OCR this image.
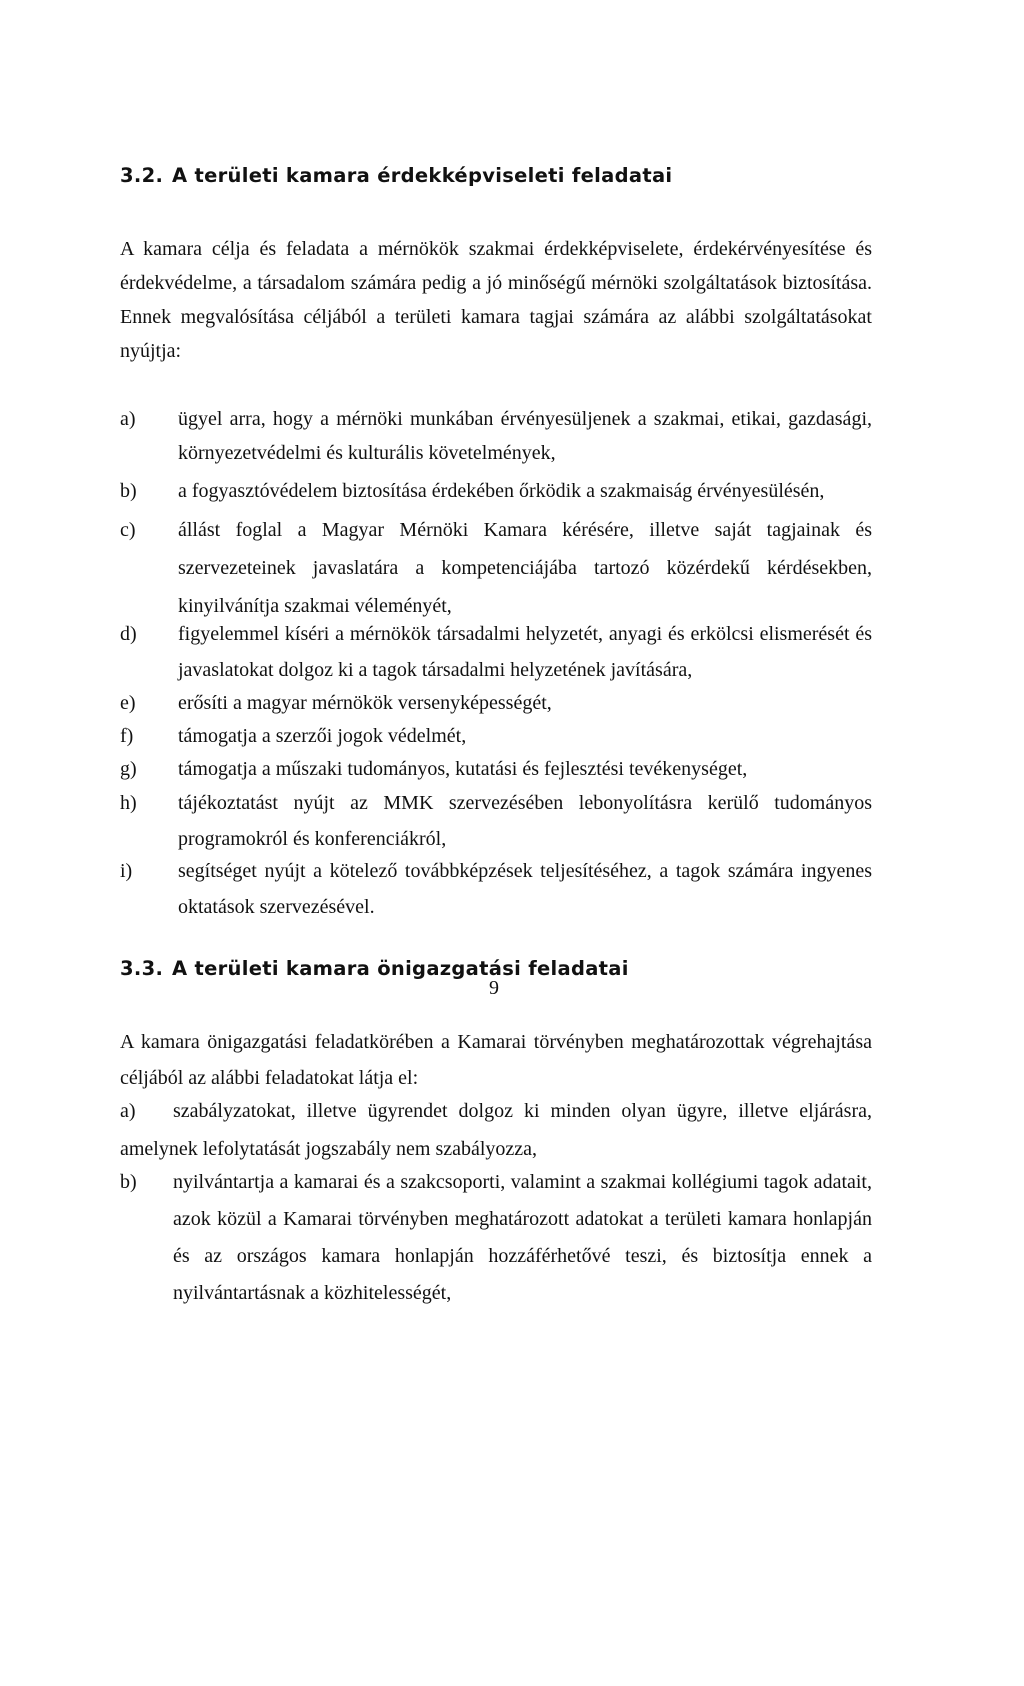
3.2. A területi kamara érdekképviseleti feladatai

A kamara célja és feladata a mérnökök szakmai érdekképviselete, érdekérvényesítése és érdekvédelme, a társadalom számára pedig a jó minőségű mérnöki szolgáltatások biztosítása. Ennek megvalósítása céljából a területi kamara tagjai számára az alábbi szolgáltatásokat nyújtja:

a) ügyel arra, hogy a mérnöki munkában érvényesüljenek a szakmai, etikai, gazdasági, környezetvédelmi és kulturális követelmények,
b) a fogyasztóvédelem biztosítása érdekében őrködik a szakmaiság érvényesülésén,
c) állást foglal a Magyar Mérnöki Kamara kérésére, illetve saját tagjainak és szervezeteinek javaslatára a kompetenciájába tartozó közérdekű kérdésekben, kinyilvánítja szakmai véleményét,
d) figyelemmel kíséri a mérnökök társadalmi helyzetét, anyagi és erkölcsi elismerését és javaslatokat dolgoz ki a tagok társadalmi helyzetének javítására,
e) erősíti a magyar mérnökök versenyképességét,
f) támogatja a szerzői jogok védelmét,
g) támogatja a műszaki tudományos, kutatási és fejlesztési tevékenységet,
h) tájékoztatást nyújt az MMK szervezésében lebonyolításra kerülő tudományos programokról és konferenciákról,
i) segítséget nyújt a kötelező továbbképzések teljesítéséhez, a tagok számára ingyenes oktatások szervezésével.
3.3. A területi kamara önigazgatási feladatai

A kamara önigazgatási feladatkörében a Kamarai törvényben meghatározottak végrehajtása céljából az alábbi feladatokat látja el:

a) szabályzatokat, illetve ügyrendet dolgoz ki minden olyan ügyre, illetve eljárásra, amelynek lefolytatását jogszabály nem szabályozza,
b) nyilvántartja a kamarai és a szakcsoporti, valamint a szakmai kollégiumi tagok adatait, azok közül a Kamarai törvényben meghatározott adatokat a területi kamara honlapján és az országos kamara honlapján hozzáférhetővé teszi, és biztosítja ennek a nyilvántartásnak a közhitelességét,
9
